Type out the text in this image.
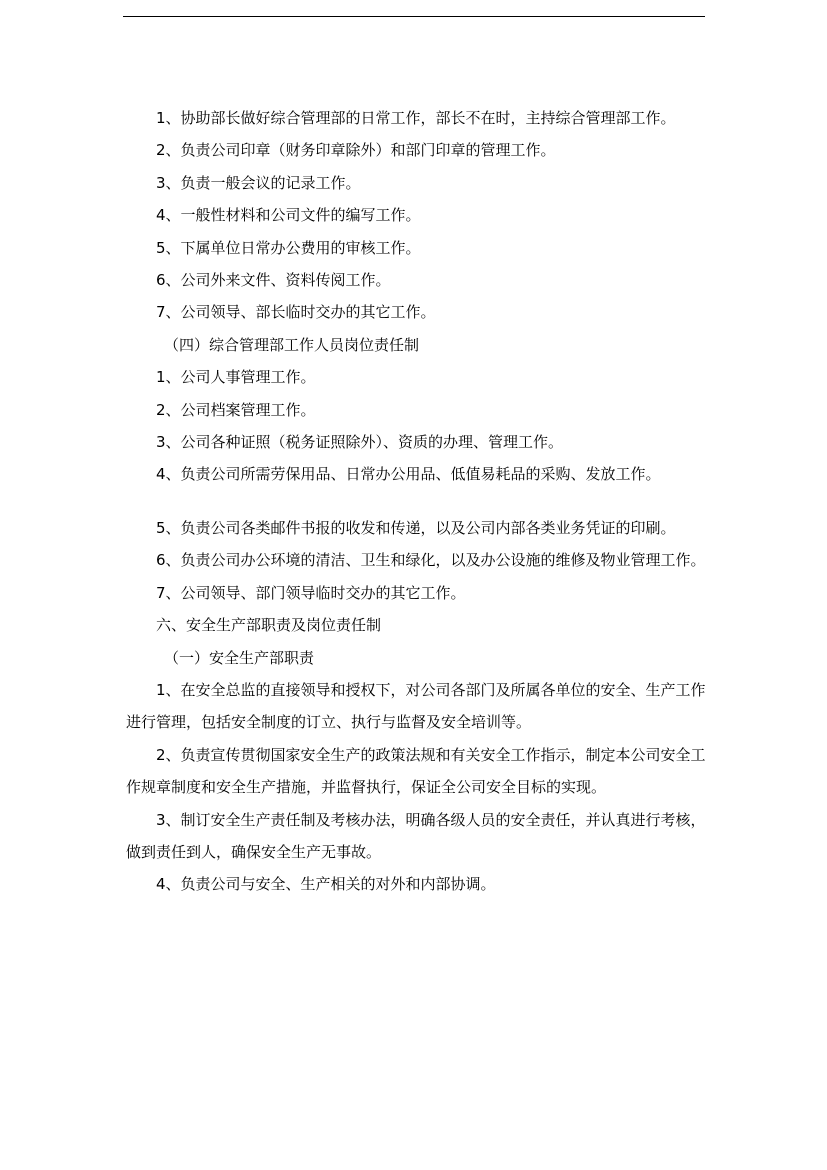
1、协助部长做好综合管理部的日常工作，部长不在时，主持综合管理部工作。

2、负责公司印章（财务印章除外）和部门印章的管理工作。

3、负责一般会议的记录工作。

4、一般性材料和公司文件的编写工作。

5、下属单位日常办公费用的审核工作。

6、公司外来文件、资料传阅工作。

7、公司领导、部长临时交办的其它工作。

（四）综合管理部工作人员岗位责任制

1、公司人事管理工作。

2、公司档案管理工作。

3、公司各种证照（税务证照除外）、资质的办理、管理工作。

4、负责公司所需劳保用品、日常办公用品、低值易耗品的采购、发放工作。

5、负责公司各类邮件书报的收发和传递，以及公司内部各类业务凭证的印刷。

6、负责公司办公环境的清洁、卫生和绿化，以及办公设施的维修及物业管理工作。

7、公司领导、部门领导临时交办的其它工作。

六、安全生产部职责及岗位责任制

（一）安全生产部职责

1、在安全总监的直接领导和授权下，对公司各部门及所属各单位的安全、生产工作进行管理，包括安全制度的订立、执行与监督及安全培训等。

2、负责宣传贯彻国家安全生产的政策法规和有关安全工作指示，制定本公司安全工作规章制度和安全生产措施，并监督执行，保证全公司安全目标的实现。

3、制订安全生产责任制及考核办法，明确各级人员的安全责任，并认真进行考核，做到责任到人，确保安全生产无事故。

4、负责公司与安全、生产相关的对外和内部协调。
